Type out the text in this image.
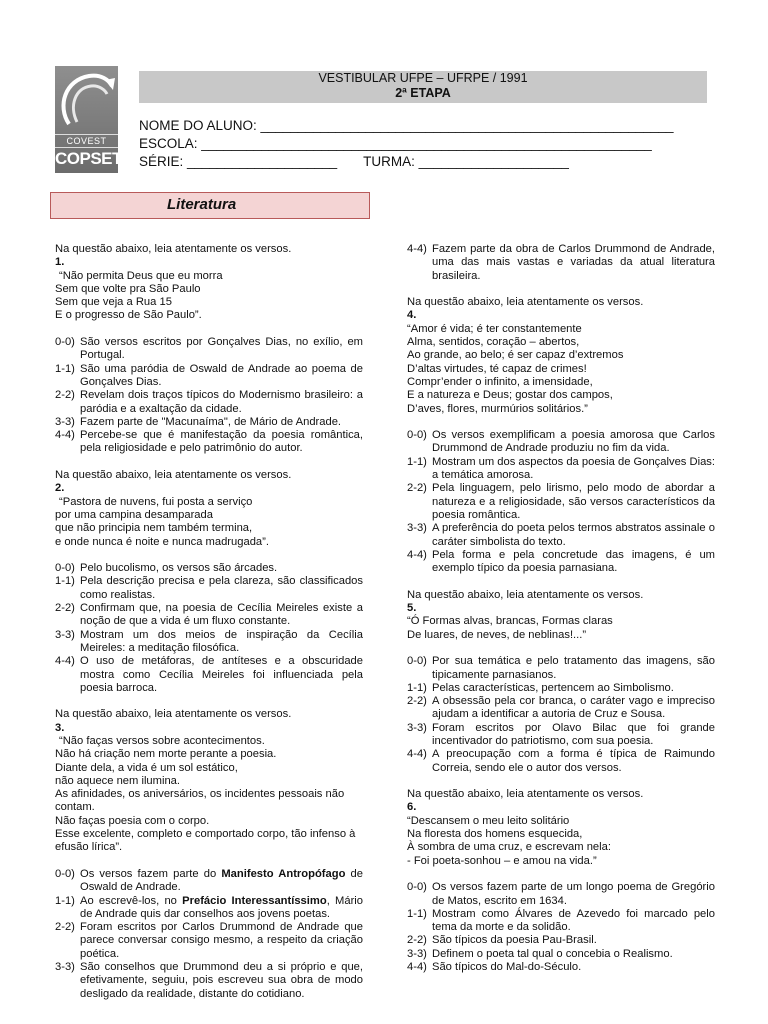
COVEST
COPSET
VESTIBULAR UFPE – UFRPE / 1991
2ª ETAPA
NOME DO ALUNO: _______________________________________________________
ESCOLA: ____________________________________________________________
SÉRIE: ____________________       TURMA: ____________________
Literatura

Na questão abaixo, leia atentamente os versos.

1.

“Não permita Deus que eu morra

Sem que volte pra São Paulo

Sem que veja a Rua 15

E o progresso de São Paulo”.

0-0) São versos escritos por Gonçalves Dias, no exílio, em Portugal.
1-1) São uma paródia de Oswald de Andrade ao poema de Gonçalves Dias.
2-2) Revelam dois traços típicos do Modernismo brasileiro: a paródia e a exaltação da cidade.
3-3) Fazem parte de "Macunaíma", de Mário de Andrade.
4-4) Percebe-se que é manifestação da poesia romântica, pela religiosidade e pelo patrimônio do autor.

Na questão abaixo, leia atentamente os versos.

2.

“Pastora de nuvens, fui posta a serviço

por uma campina desamparada

que não principia nem também termina,

e onde nunca é noite e nunca madrugada”.

0-0) Pelo bucolismo, os versos são árcades.
1-1) Pela descrição precisa e pela clareza, são classificados como realistas.
2-2) Confirmam que, na poesia de Cecília Meireles existe a noção de que a vida é um fluxo constante.
3-3) Mostram um dos meios de inspiração da Cecília Meireles: a meditação filosófica.
4-4) O uso de metáforas, de antíteses e a obscuridade mostra como Cecília Meireles foi influenciada pela poesia barroca.

Na questão abaixo, leia atentamente os versos.

3.

“Não faças versos sobre acontecimentos.

Não há criação nem morte perante a poesia.

Diante dela, a vida é um sol estático,

não aquece nem ilumina.

As afinidades, os aniversários, os incidentes pessoais não contam.

Não faças poesia com o corpo.

Esse excelente, completo e comportado corpo, tão infenso à efusão lírica”.

0-0) Os versos fazem parte do Manifesto Antropófago de Oswald de Andrade.
1-1) Ao escrevê-los, no Prefácio Interessantíssimo, Mário de Andrade quis dar conselhos aos jovens poetas.
2-2) Foram escritos por Carlos Drummond de Andrade que parece conversar consigo mesmo, a respeito da criação poética.
3-3) São conselhos que Drummond deu a si próprio e que, efetivamente, seguiu, pois escreveu sua obra de modo desligado da realidade, distante do cotidiano.
4-4) Fazem parte da obra de Carlos Drummond de Andrade, uma das mais vastas e variadas da atual literatura brasileira.

Na questão abaixo, leia atentamente os versos.

4.

“Amor é vida; é ter constantemente

Alma, sentidos, coração – abertos,

Ao grande, ao belo; é ser capaz d’extremos

D’altas virtudes, té capaz de crimes!

Compr’ender o infinito, a imensidade,

E a natureza e Deus; gostar dos campos,

D’aves, flores, murmúrios solitários.”

0-0) Os versos exemplificam a poesia amorosa que Carlos Drummond de Andrade produziu no fim da vida.
1-1) Mostram um dos aspectos da poesia de Gonçalves Dias: a temática amorosa.
2-2) Pela linguagem, pelo lirismo, pelo modo de abordar a natureza e a religiosidade, são versos característicos da poesia romântica.
3-3) A preferência do poeta pelos termos abstratos assinale o caráter simbolista do texto.
4-4) Pela forma e pela concretude das imagens, é um exemplo típico da poesia parnasiana.

Na questão abaixo, leia atentamente os versos.

5.

“Ó Formas alvas, brancas, Formas claras

De luares, de neves, de neblinas!...”

0-0) Por sua temática e pelo tratamento das imagens, são tipicamente parnasianos.
1-1) Pelas características, pertencem ao Simbolismo.
2-2) A obsessão pela cor branca, o caráter vago e impreciso ajudam a identificar a autoria de Cruz e Sousa.
3-3) Foram escritos por Olavo Bilac que foi grande incentivador do patriotismo, com sua poesia.
4-4) A preocupação com a forma é típica de Raimundo Correia, sendo ele o autor dos versos.

Na questão abaixo, leia atentamente os versos.

6.

“Descansem o meu leito solitário

Na floresta dos homens esquecida,

À sombra de uma cruz, e escrevam nela:

- Foi poeta-sonhou – e amou na vida.”

0-0) Os versos fazem parte de um longo poema de Gregório de Matos, escrito em 1634.
1-1) Mostram como Álvares de Azevedo foi marcado pelo tema da morte e da solidão.
2-2) São típicos da poesia Pau-Brasil.
3-3) Definem o poeta tal qual o concebia o Realismo.
4-4) São típicos do Mal-do-Século.
